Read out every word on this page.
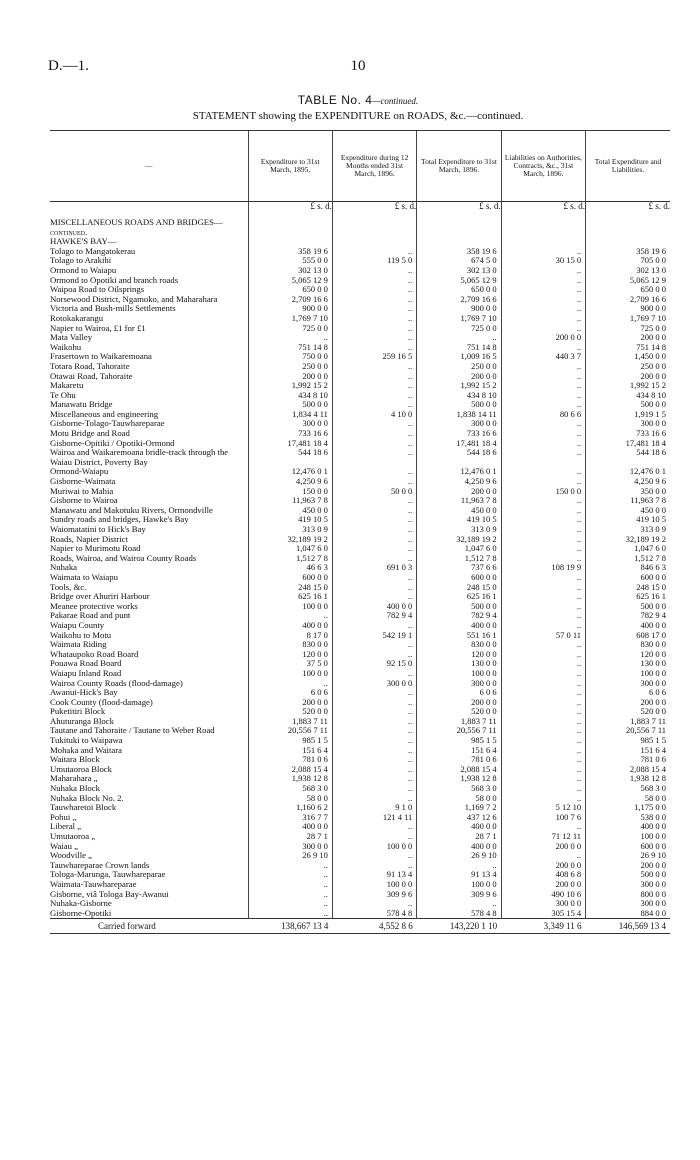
D.—1.	10
TABLE No. 4—continued.
STATEMENT showing the EXPENDITURE on ROADS, &c.—continued.
—	Expenditure to 31st March, 1895.	Expenditure during 12 Months ended 31st March, 1896.	Total Expenditure to 31st March, 1896.	Liabilities on Authorities, Contracts, &c., 31st March, 1896.	Total Expenditure and Liabilities.
	£ s. d.	£ s. d.	£ s. d.	£ s. d.	£ s. d.
MISCELLANEOUS ROADS AND BRIDGES—continued.					
HAWKE'S BAY—					
Tolago to Mangatokerau	358 19 6	..	358 19 6	..	358 19 6
Tolago to Arakihi	555 0 0	119 5 0	674 5 0	30 15 0	705 0 0
Ormond to Waiapu	302 13 0	..	302 13 0	..	302 13 0
Ormond to Opotiki and branch roads	5,065 12 9	..	5,065 12 9	..	5,065 12 9
Waipoa Road to Oilsprings	650 0 0	..	650 0 0	..	650 0 0
Norsewood District, Ngamoko, and Maharahara	2,709 16 6	..	2,709 16 6	..	2,709 16 6
Victoria and Bush-mills Settlements	900 0 0	..	900 0 0	..	900 0 0
Rotokakarangu	1,769 7 10	..	1,769 7 10	..	1,769 7 10
Napier to Wairoa, £1 for £1	725 0 0	..	725 0 0	..	725 0 0
Mata Valley	..	..	..	200 0 0	200 0 0
Waikohu	751 14 8	..	751 14 8	..	751 14 8
Frasertown to Waikaremoana	750 0 0	259 16 5	1,009 16 5	440 3 7	1,450 0 0
Totara Road, Tahoraite	250 0 0	..	250 0 0	..	250 0 0
Otawai Road, Tahoraite	200 0 0	..	200 0 0	..	200 0 0
Makaretu	1,992 15 2	..	1,992 15 2	..	1,992 15 2
Te Ohu	434 8 10	..	434 8 10	..	434 8 10
Manawatu Bridge	500 0 0	..	500 0 0	..	500 0 0
Miscellaneous and engineering	1,834 4 11	4 10 0	1,838 14 11	80 6 6	1,919 1 5
Gisborne-Tolago-Tauwhareparae	300 0 0	..	300 0 0	..	300 0 0
Motu Bridge and Road	733 16 6	..	733 16 6	..	733 16 6
Gisborne-Opitiki / Opotiki-Ormond	17,481 18 4	..	17,481 18 4	..	17,481 18 4
Wairoa and Waikaremoana bridle-track through the Waiau District, Poverty Bay	544 18 6	..	544 18 6	..	544 18 6
Ormond-Waiapu	12,476 0 1	..	12,476 0 1	..	12,476 0 1
Gisborne-Waimata	4,250 9 6	..	4,250 9 6	..	4,250 9 6
Muriwai to Mahia	150 0 0	50 0 0	200 0 0	150 0 0	350 0 0
Gisborne to Wairoa	11,963 7 8	..	11,963 7 8	..	11,963 7 8
Manawatu and Makotuku Rivers, Ormondville	450 0 0	..	450 0 0	..	450 0 0
Sundry roads and bridges, Hawke's Bay	419 10 5	..	419 10 5	..	419 10 5
Waiomatatini to Hick's Bay	313 0 9	..	313 0 9	..	313 0 9
Roads, Napier District	32,189 19 2	..	32,189 19 2	..	32,189 19 2
Napier to Murimotu Road	1,047 6 0	..	1,047 6 0	..	1,047 6 0
Roads, Wairoa, and Wairoa County Roads	1,512 7 8	..	1,512 7 8	..	1,512 7 8
Nuhaka	46 6 3	691 0 3	737 6 6	108 19 9	846 6 3
Waimata to Waiapu	600 0 0	..	600 0 0	..	600 0 0
Tools, &c.	248 15 0	..	248 15 0	..	248 15 0
Bridge over Ahuriri Harbour	625 16 1	..	625 16 1	..	625 16 1
Meanee protective works	100 0 0	400 0 0	500 0 0	..	500 0 0
Pakarae Road and punt	..	782 9 4	782 9 4	..	782 9 4
Waiapu County	400 0 0	..	400 0 0	..	400 0 0
Waikohu to Motu	8 17 0	542 19 1	551 16 1	57 0 11	608 17 0
Waimata Riding	830 0 0	..	830 0 0	..	830 0 0
Whataupoko Road Board	120 0 0	..	120 0 0	..	120 0 0
Pouawa Road Board	37 5 0	92 15 0	130 0 0	..	130 0 0
Waiapu Inland Road	100 0 0	..	100 0 0	..	100 0 0
Wairoa County Roads (flood-damage)	..	300 0 0	300 0 0	..	300 0 0
Awanui-Hick's Bay	6 0 6	..	6 0 6	..	6 0 6
Cook County (flood-damage)	200 0 0	..	200 0 0	..	200 0 0
Puketitiri Block	520 0 0	..	520 0 0	..	520 0 0
Ahuturanga Block	1,883 7 11	..	1,883 7 11	..	1,883 7 11
Tautane and Tahoraite / Tautane to Weber Road	20,556 7 11	..	20,556 7 11	..	20,556 7 11
Tukituki to Waipawa	985 1 5	..	985 1 5	..	985 1 5
Mohaka and Waitara	151 6 4	..	151 6 4	..	151 6 4
Waitara Block	781 0 6	..	781 0 6	..	781 0 6
Umutaoroa Block	2,088 15 4	..	2,088 15 4	..	2,088 15 4
Maharahara „	1,938 12 8	..	1,938 12 8	..	1,938 12 8
Nuhaka Block	568 3 0	..	568 3 0	..	568 3 0
Nuhaka Block No. 2.	58 0 0	..	58 0 0	..	58 0 0
Tauwharetoi Block	1,160 6 2	9 1 0	1,169 7 2	5 12 10	1,175 0 0
Pohui „	316 7 7	121 4 11	437 12 6	100 7 6	538 0 0
Liberal „	400 0 0	..	400 0 0	..	400 0 0
Umutaoroa „	28 7 1	..	28 7 1	71 12 11	100 0 0
Waiau „	300 0 0	100 0 0	400 0 0	200 0 0	600 0 0
Woodville „	26 9 10	..	26 9 10	..	26 9 10
Tauwhareparae Crown lands	..	..	..	200 0 0	200 0 0
Tologa-Marunga, Tauwhareparae	..	91 13 4	91 13 4	408 6 8	500 0 0
Waimata-Tauwhareparae	..	100 0 0	100 0 0	200 0 0	300 0 0
Gisborne, viâ Tologa Bay-Awanui	..	309 9 6	309 9 6	490 10 6	800 0 0
Nuhaka-Gisborne	..	..	..	300 0 0	300 0 0
Gisborne-Opotiki	..	578 4 8	578 4 8	305 15 4	884 0 0
Carried forward	138,667 13 4	4,552 8 6	143,220 1 10	3,349 11 6	146,569 13 4
